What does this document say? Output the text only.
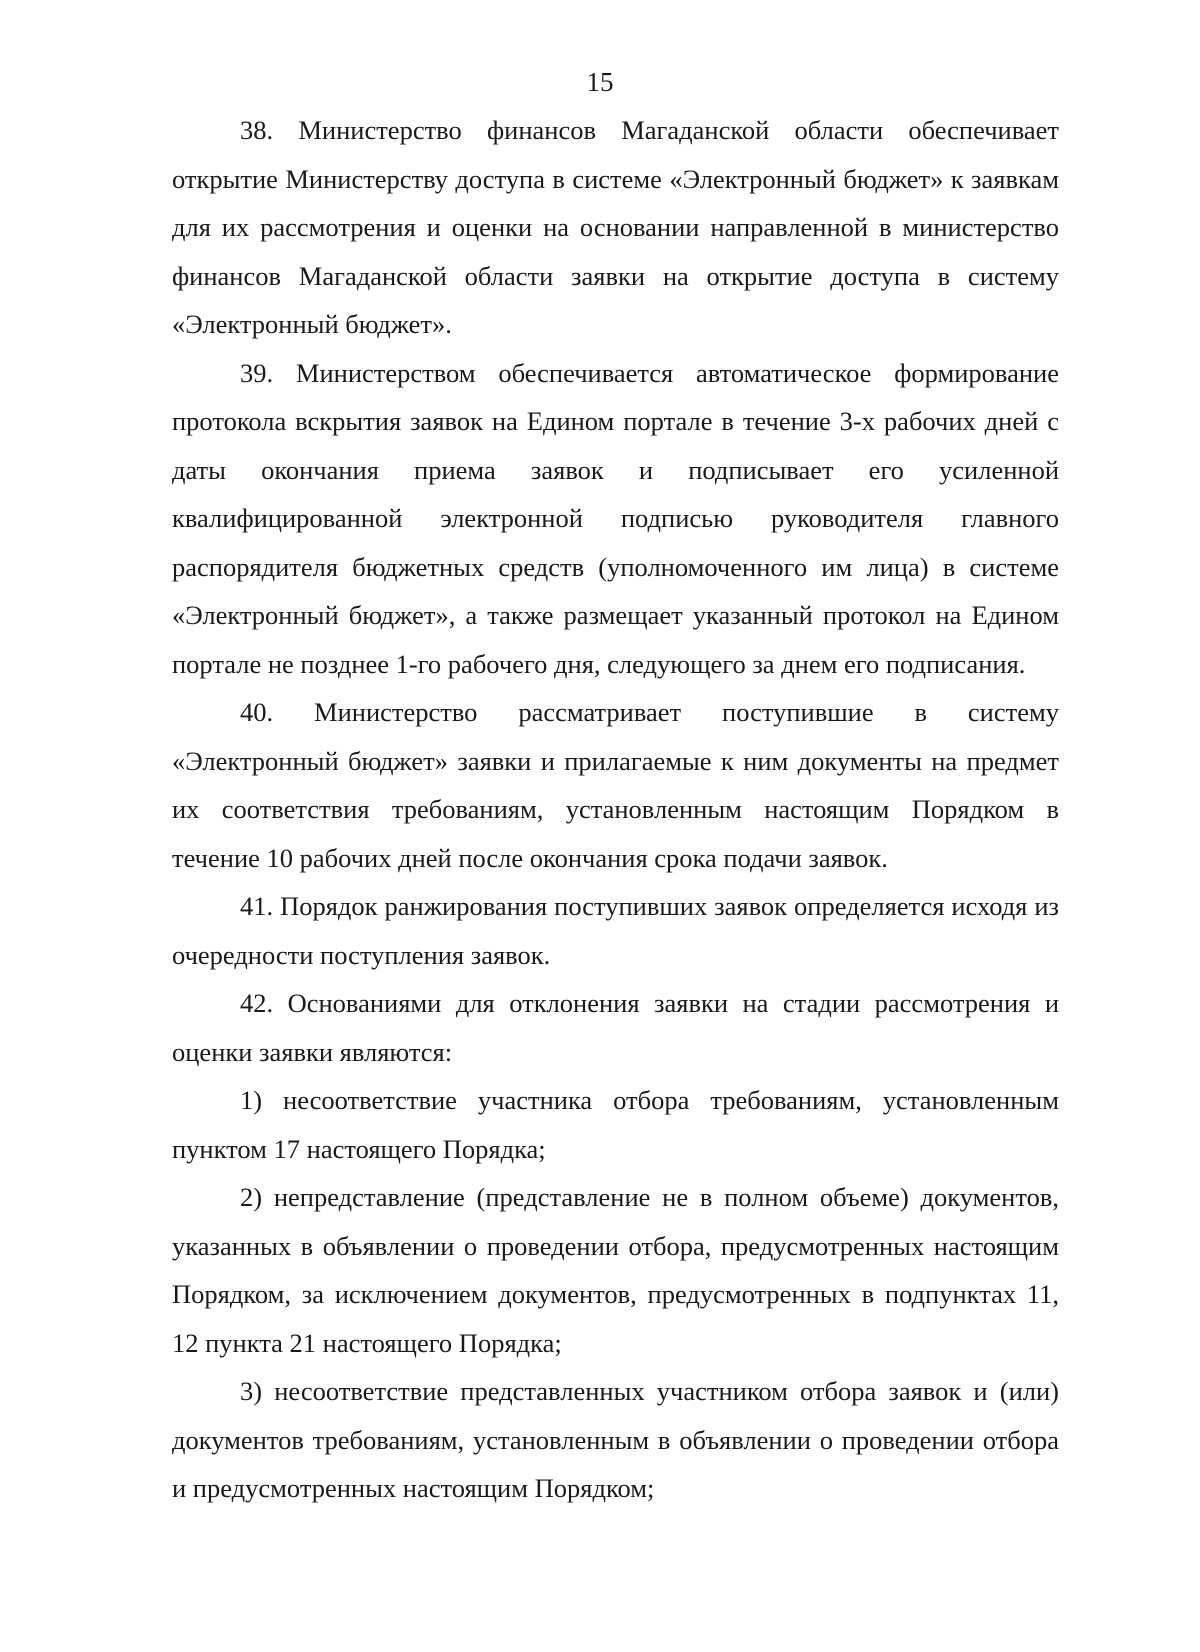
15

38. Министерство финансов Магаданской области обеспечивает открытие Министерству доступа в системе «Электронный бюджет» к заявкам для их рассмотрения и оценки на основании направленной в министерство финансов Магаданской области заявки на открытие доступа в систему «Электронный бюджет».

39. Министерством обеспечивается автоматическое формирование протокола вскрытия заявок на Едином портале в течение 3-х рабочих дней с даты окончания приема заявок и подписывает его усиленной квалифицированной электронной подписью руководителя главного распорядителя бюджетных средств (уполномоченного им лица) в системе «Электронный бюджет», а также размещает указанный протокол на Едином портале не позднее 1-го рабочего дня, следующего за днем его подписания.

40. Министерство рассматривает поступившие в систему «Электронный бюджет» заявки и прилагаемые к ним документы на предмет их соответствия требованиям, установленным настоящим Порядком в течение 10 рабочих дней после окончания срока подачи заявок.

41. Порядок ранжирования поступивших заявок определяется исходя из очередности поступления заявок.

42. Основаниями для отклонения заявки на стадии рассмотрения и оценки заявки являются:

1) несоответствие участника отбора требованиям, установленным пунктом 17 настоящего Порядка;

2) непредставление (представление не в полном объеме) документов, указанных в объявлении о проведении отбора, предусмотренных настоящим Порядком, за исключением документов, предусмотренных в подпунктах 11, 12 пункта 21 настоящего Порядка;

3) несоответствие представленных участником отбора заявок и (или) документов требованиям, установленным в объявлении о проведении отбора и предусмотренных настоящим Порядком;
